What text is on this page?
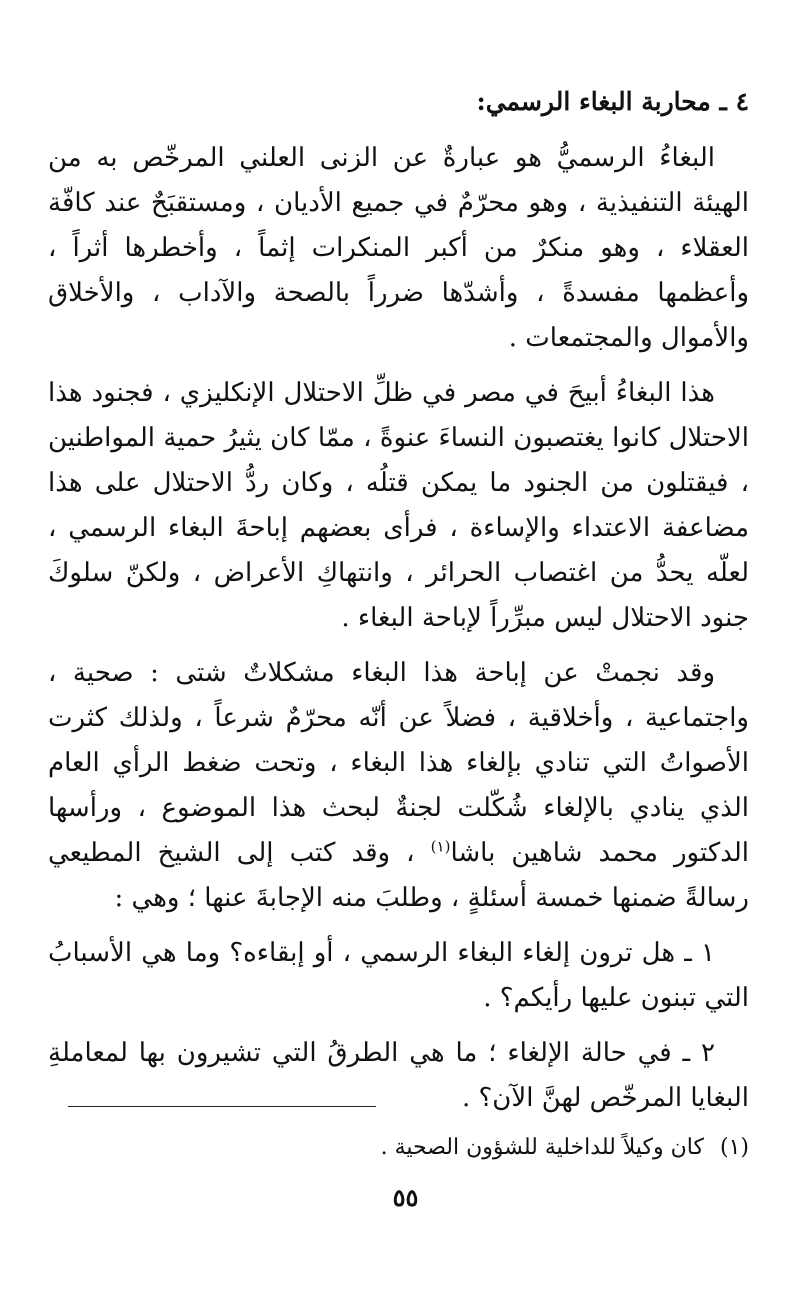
٤ ـ محاربة البغاء الرسمي:

البغاءُ الرسميُّ هو عبارةٌ عن الزنى العلني المرخّص به من الهيئة التنفيذية ، وهو محرّمٌ في جميع الأديان ، ومستقبَحٌ عند كافّة العقلاء ، وهو منكرٌ من أكبر المنكرات إثماً ، وأخطرها أثراً ، وأعظمها مفسدةً ، وأشدّها ضرراً بالصحة والآداب ، والأخلاق والأموال والمجتمعات .

هذا البغاءُ أبيحَ في مصر في ظلِّ الاحتلال الإنكليزي ، فجنود هذا الاحتلال كانوا يغتصبون النساءَ عنوةً ، ممّا كان يثيرُ حمية المواطنين ، فيقتلون من الجنود ما يمكن قتلُه ، وكان ردُّ الاحتلال على هذا مضاعفة الاعتداء والإساءة ، فرأى بعضهم إباحةَ البغاء الرسمي ، لعلّه يحدُّ من اغتصاب الحرائر ، وانتهاكِ الأعراض ، ولكنّ سلوكَ جنود الاحتلال ليس مبرِّراً لإباحة البغاء .

وقد نجمتْ عن إباحة هذا البغاء مشكلاتٌ شتى : صحية ، واجتماعية ، وأخلاقية ، فضلاً عن أنّه محرّمٌ شرعاً ، ولذلك كثرت الأصواتُ التي تنادي بإلغاء هذا البغاء ، وتحت ضغط الرأي العام الذي ينادي بالإلغاء شُكّلت لجنةٌ لبحث هذا الموضوع ، ورأسها الدكتور محمد شاهين باشا$^{(١)}$ ، وقد كتب إلى الشيخ المطيعي رسالةً ضمنها خمسة أسئلةٍ ، وطلبَ منه الإجابةَ عنها ؛ وهي :

١ ـ هل ترون إلغاء البغاء الرسمي ، أو إبقاءه؟ وما هي الأسبابُ التي تبنون عليها رأيكم؟ .

٢ ـ في حالة الإلغاء ؛ ما هي الطرقُ التي تشيرون بها لمعاملةِ البغايا المرخّص لهنَّ الآن؟ .

(١)كان وكيلاً للداخلية للشؤون الصحية .
٥٥
